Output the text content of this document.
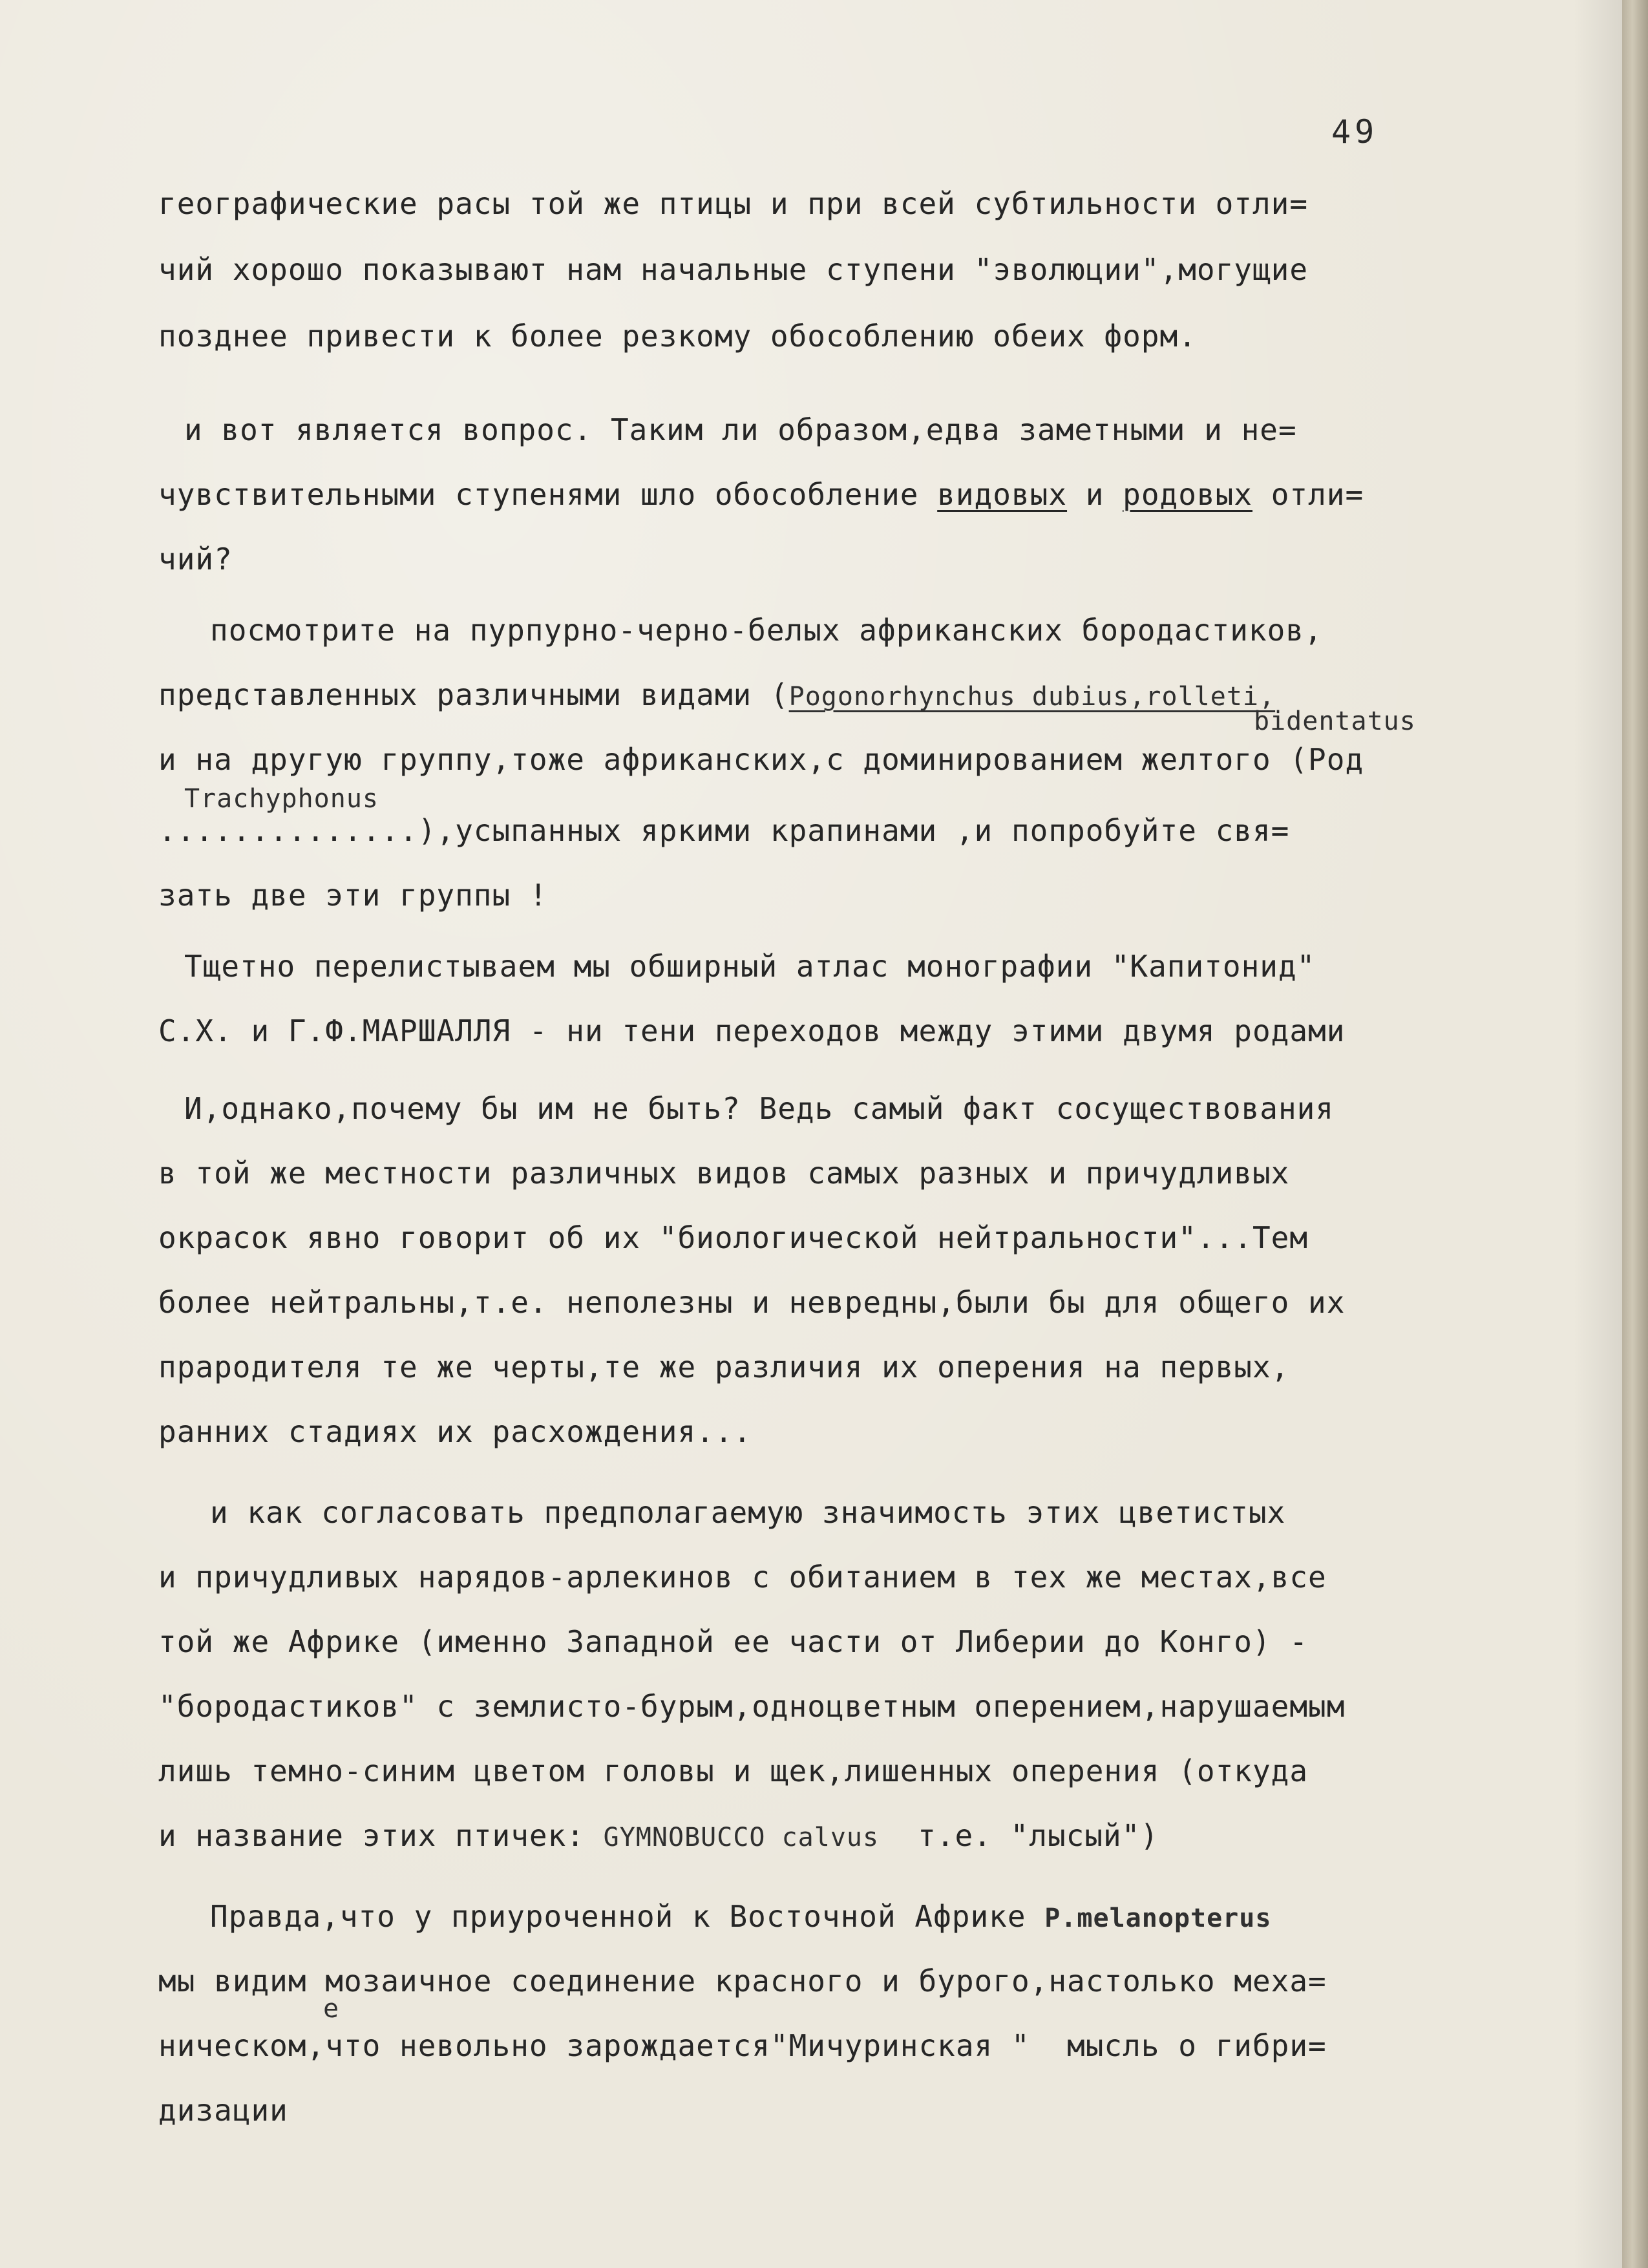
49

географические расы той же птицы и при всей субтильности отли=

чий хорошо показывают нам начальные ступени "эволюции",могущие

позднее привести к более резкому обособлению обеих форм.

и вот является вопрос. Таким ли образом,едва заметными и не=

чувствительными ступенями шло обособление видовых и родовых отли=

чий?

посмотрите на пурпурно-черно-белых африканских бородастиков,

представленных различными видами (Pogonorhynchus dubius,rolleti,

bidentatus

и на другую группу,тоже африканских,с доминированием желтого (Род

Trachyphonus

..............),усыпанных яркими крапинами ,и попробуйте свя=

зать две эти группы !

Тщетно перелистываем мы обширный атлас монографии "Капитонид"

С.Х. и Г.Ф.МАРШАЛЛЯ - ни тени переходов между этими двумя родами

И,однако,почему бы им не быть? Ведь самый факт сосуществования

в той же местности различных видов самых разных и причудливых

окрасок явно говорит об их "биологической нейтральности"...Тем

более нейтральны,т.е. неполезны и невредны,были бы для общего их

прародителя те же черты,те же различия их оперения на первых,

ранних стадиях их расхождения...

и как согласовать предполагаемую значимость этих цветистых

и причудливых нарядов-арлекинов с обитанием в тех же местах,все

той же Африке (именно Западной ее части от Либерии до Конго) -

"бородастиков" с землисто-бурым,одноцветным оперением,нарушаемым

лишь темно-синим цветом головы и щек,лишенных оперения (откуда

и название этих птичек: GYMNOBUCCO calvus т.е. "лысый")

Правда,что у приуроченной к Восточной Африке P.melanopterus

мы видим мозаичное соединение красного и бурого,настолько меха=

е

ническом,что невольно зарождается"Мичуринская "  мысль о гибри=

дизации
